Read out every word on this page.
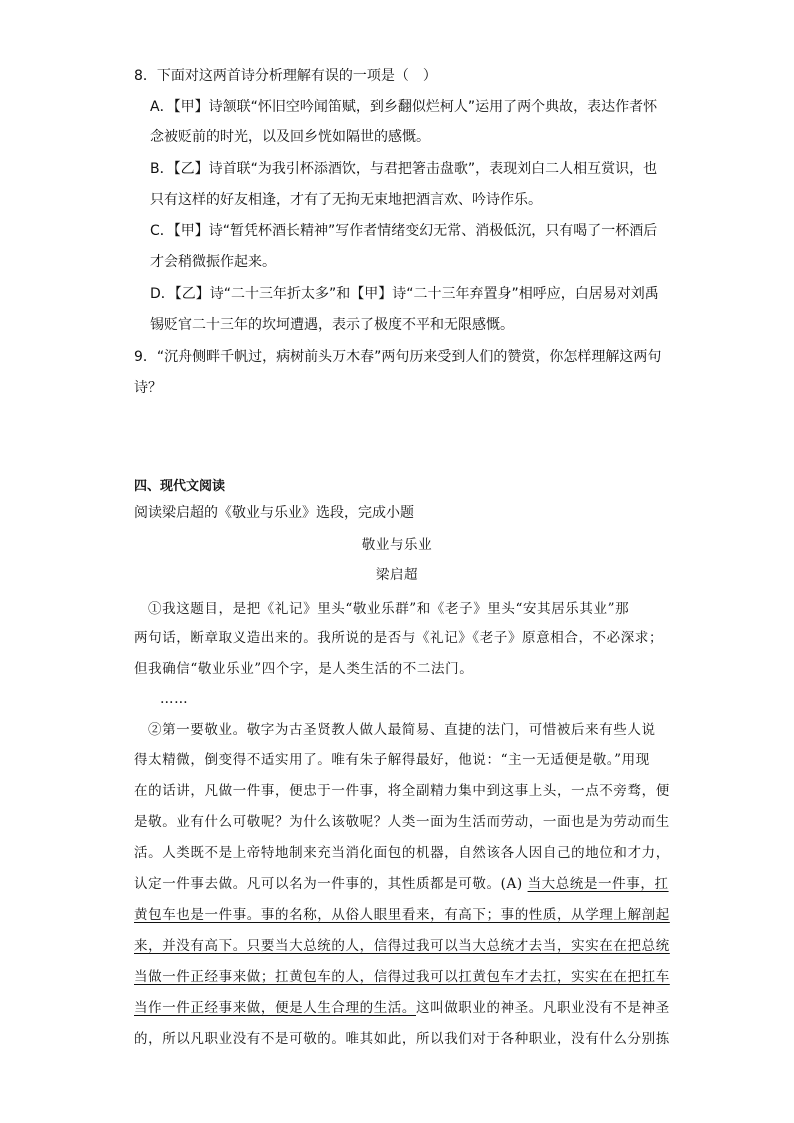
8．下面对这两首诗分析理解有误的一项是（　）
A．【甲】诗颔联“怀旧空吟闻笛赋，到乡翻似烂柯人”运用了两个典故，表达作者怀
念被贬前的时光，以及回乡恍如隔世的感慨。
B．【乙】诗首联“为我引杯添酒饮，与君把箸击盘歌”，表现刘白二人相互赏识，也
只有这样的好友相逢，才有了无拘无束地把酒言欢、吟诗作乐。
C．【甲】诗“暂凭杯酒长精神”写作者情绪变幻无常、消极低沉，只有喝了一杯酒后
才会稍微振作起来。
D．【乙】诗“二十三年折太多”和【甲】诗“二十三年弃置身”相呼应，白居易对刘禹
锡贬官二十三年的坎坷遭遇，表示了极度不平和无限感慨。
9．“沉舟侧畔千帆过，病树前头万木春”两句历来受到人们的赞赏，你怎样理解这两句
诗？
四、现代文阅读
阅读梁启超的《敬业与乐业》选段，完成小题
敬业与乐业
梁启超
①我这题目，是把《礼记》里头“敬业乐群”和《老子》里头“安其居乐其业”那
两句话，断章取义造出来的。我所说的是否与《礼记》《老子》原意相合，不必深求；
但我确信“敬业乐业”四个字，是人类生活的不二法门。
……
②第一要敬业。敬字为古圣贤教人做人最简易、直捷的法门，可惜被后来有些人说
得太精微，倒变得不适实用了。唯有朱子解得最好，他说：“主一无适便是敬。”用现
在的话讲，凡做一件事，便忠于一件事，将全副精力集中到这事上头，一点不旁骛，便
是敬。业有什么可敬呢？为什么该敬呢？人类一面为生活而劳动，一面也是为劳动而生
活。人类既不是上帝特地制来充当消化面包的机器，自然该各人因自己的地位和才力，
认定一件事去做。凡可以名为一件事的，其性质都是可敬。(A) 当大总统是一件事，扛
黄包车也是一件事。事的名称，从俗人眼里看来，有高下；事的性质，从学理上解剖起
来，并没有高下。只要当大总统的人，信得过我可以当大总统才去当，实实在在把总统
当做一件正经事来做；扛黄包车的人，信得过我可以扛黄包车才去扛，实实在在把扛车
当作一件正经事来做，便是人生合理的生活。这叫做职业的神圣。凡职业没有不是神圣
的，所以凡职业没有不是可敬的。唯其如此，所以我们对于各种职业，没有什么分别拣
